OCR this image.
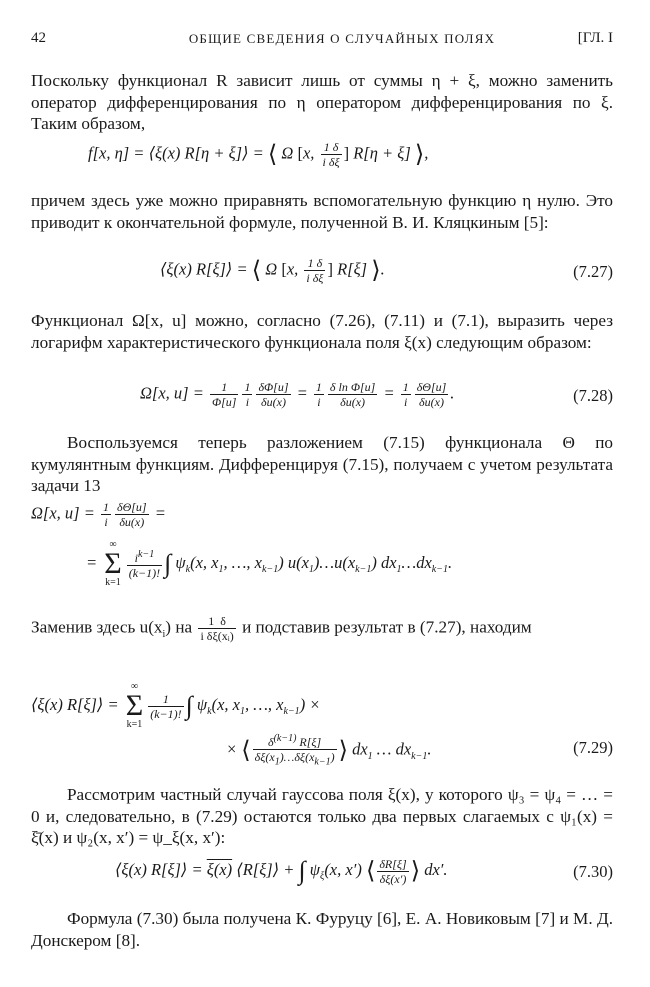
42	ОБЩИЕ СВЕДЕНИЯ О СЛУЧАЙНЫХ ПОЛЯХ	[ГЛ. I
Поскольку функционал R зависит лишь от суммы η + ξ, можно заменить оператор дифференцирования по η оператором дифференцирования по ξ. Таким образом,
f[x, η] = ⟨ξ(x) R[η + ξ]⟩ = ⟨ Ω [x, $\frac{1 \delta}{\text{i δξ}}$ ] R[η + ξ] ⟩,
причем здесь уже можно приравнять вспомогательную функцию η нулю. Это приводит к окончательной формуле, полученной В. И. Кляцкиным [5]:
⟨ξ(x) R[ξ]⟩ = ⟨ Ω [x, $\frac{1 \delta}{\text{i δξ}}$ ] R[ξ] ⟩.	(7.27)
Функционал Ω[x, u] можно, согласно (7.26), (7.11) и (7.1), выразить через логарифм характеристического функционала поля ξ(x) следующим образом:
Ω[x, $u] = \frac{1}{\Phi[u]} \frac{1}{i} \frac{\delta\Phi[u]}{\delta u(x)} = \frac{1}{i} \frac{\text{δ ln Φ[u]}}{\delta u(x)} = \frac{1}{i} \frac{\delta\Theta[u]}{\delta u(x)}$ .	(7.28)
Воспользуемся теперь разложением (7.15) функционала Θ по кумулянтным функциям. Дифференцируя (7.15), получаем с учетом результата задачи 13
Ω[x, $u] = \frac{1}{i} \frac{\delta\Theta[u]}{\delta u(x)}$ =
=
∞
Σ
k=1
$\frac{i^{k-1}}{(k-1)!}$ ∫ $\psi_k(x$, $x_1$, …, $x_{k-1}$) $u(x_1)\dots u(x_{k-1})$ $dx_1\dots dx_{k-1}$.
Заменив здесь $u(x_i)$ на $\frac{1 \delta}{\text{i δξ(xᵢ)}}$ и подставив результат в (7.27), находим
⟨ξ(x) R[ξ]⟩ =
∞
Σ
k=1
$\frac{1}{(k-1)!}$ ∫ $\psi_k(x$, $x_1$, …, $x_{k-1}$) ×
× ⟨ $\frac{\delta^{(k-1)} R[\xi]}{\delta\xi(x_1)\dots\delta\xi(x_{k-1})}$ ⟩ $dx_1$ … $dx_{k-1}$.	(7.29)
Рассмотрим частный случай гауссова поля ξ(x), у которого ψ₃ = ψ₄ = … = 0 и, следовательно, в (7.29) остаются только два первых слагаемых с ψ₁(x) = ξ̄(x) и ψ₂(x, x′) = ψ_ξ(x, x′):
⟨ξ(x) R[ξ]⟩ = ξ(x) ⟨R[ξ]⟩ + ∫ $\psi_\xi(x$, x′) ⟨ $\frac{\delta R[\xi]}{\delta\xi(x')}$ ⟩ dx′.	(7.30)
Формула (7.30) была получена К. Фуруцу [6], Е. А. Новиковым [7] и М. Д. Донскером [8].
